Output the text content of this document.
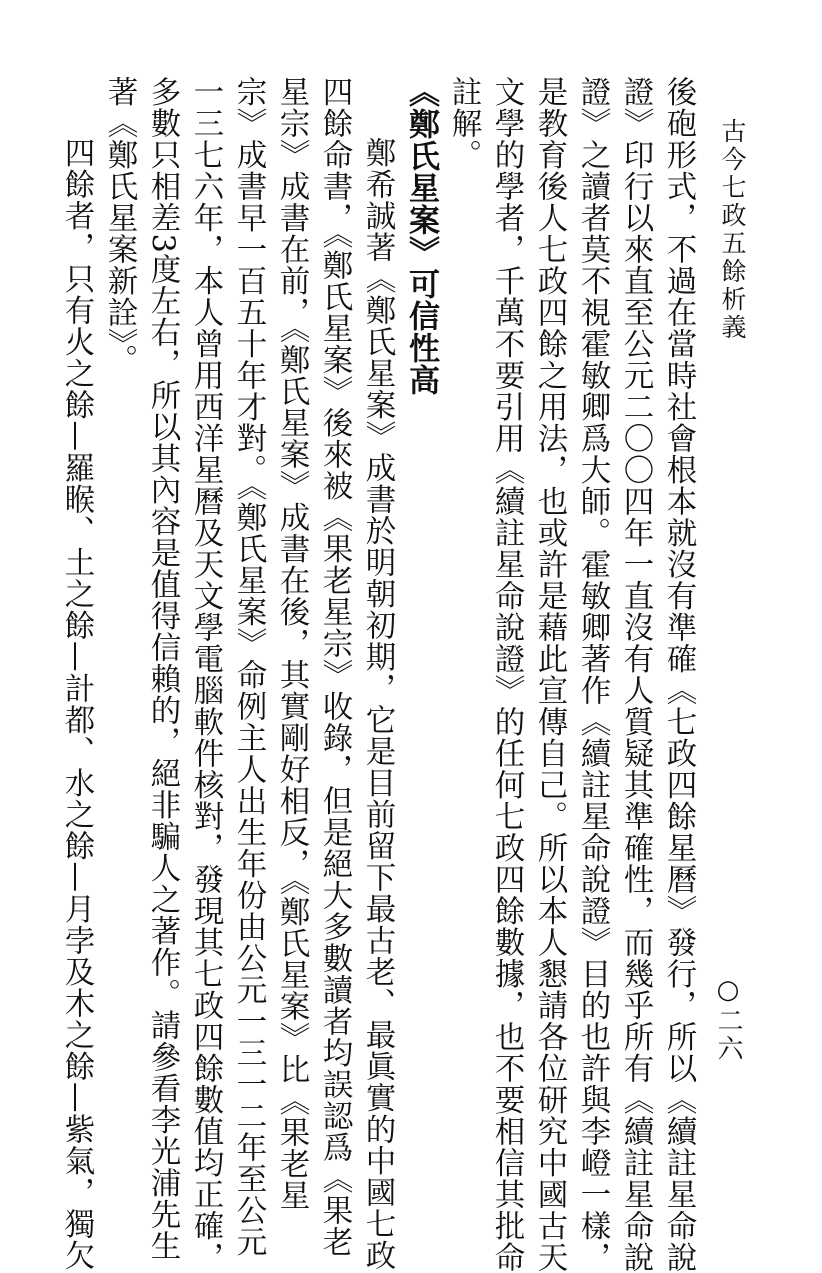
古今七政五餘析義
後砲形式，不過在當時社會根本就沒有準確《七政四餘星曆》發行，所以《續註星命說
證》印行以來直至公元二〇〇四年一直沒有人質疑其準確性，而幾乎所有《續註星命說
證》之讀者莫不視霍敏卿爲大師。霍敏卿著作《續註星命說證》目的也許與李嶝一樣，
是教育後人七政四餘之用法，也或許是藉此宣傳自己。所以本人懇請各位研究中國古天
文學的學者，千萬不要引用《續註星命說證》的任何七政四餘數據，也不要相信其批命
註解。
《鄭氏星案》可信性高
鄭希誠著《鄭氏星案》成書於明朝初期，它是目前留下最古老、最眞實的中國七政
四餘命書，《鄭氏星案》後來被《果老星宗》收錄，但是絕大多數讀者均誤認爲《果老
星宗》成書在前，《鄭氏星案》成書在後，其實剛好相反，《鄭氏星案》比《果老星
宗》成書早一百五十年才對。《鄭氏星案》命例主人出生年份由公元一三一二年至公元
一三七六年，本人曾用西洋星曆及天文學電腦軟件核對，發現其七政四餘數值均正確，
多數只相差3度左右，所以其內容是值得信賴的，絕非騙人之著作。請參看李光浦先生
著《鄭氏星案新詮》。
四餘者，只有火之餘—羅睺、土之餘—計都、水之餘—月孛及木之餘—紫氣，獨欠	○二六
